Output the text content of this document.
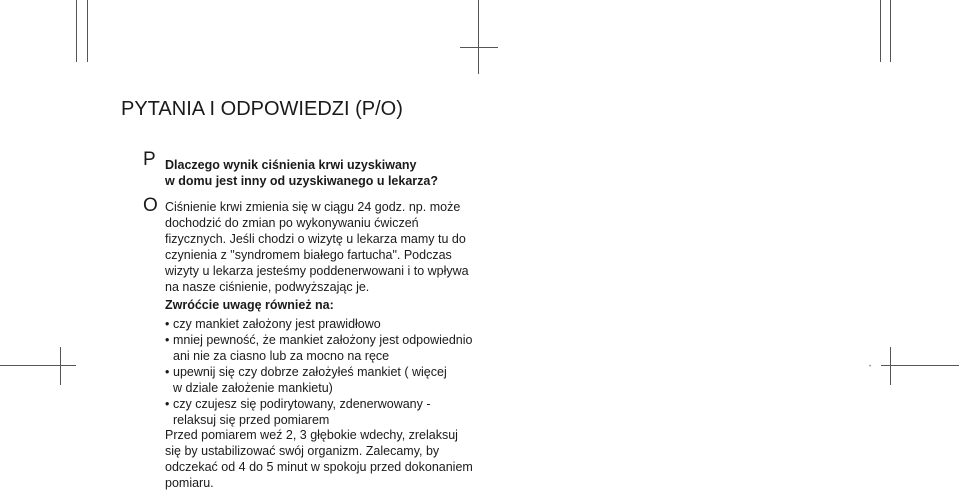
•
PYTANIA I ODPOWIEDZI (P/O)
P Dlaczego wynik ciśnienia krwi uzyskiwany
w domu jest inny od uzyskiwanego u lekarza?
O Ciśnienie krwi zmienia się w ciągu 24 godz. np. może
dochodzić do zmian po wykonywaniu ćwiczeń
fizycznych. Jeśli chodzi o wizytę u lekarza mamy tu do
czynienia z "syndromem białego fartucha". Podczas
wizyty u lekarza jesteśmy poddenerwowani i to wpływa
na nasze ciśnienie, podwyższając je.
Zwróćcie uwagę również na:
• czy mankiet założony jest prawidłowo
• mniej pewność, że mankiet założony jest odpowiednio
ani nie za ciasno lub za mocno na ręce
• upewnij się czy dobrze założyłeś mankiet ( więcej
w dziale założenie mankietu)
• czy czujesz się podirytowany, zdenerwowany -
relaksuj się przed pomiarem
Przed pomiarem weź 2, 3 głębokie wdechy, zrelaksuj
się by ustabilizować swój organizm. Zalecamy, by
odczekać od 4 do 5 minut w spokoju przed dokonaniem
pomiaru.
